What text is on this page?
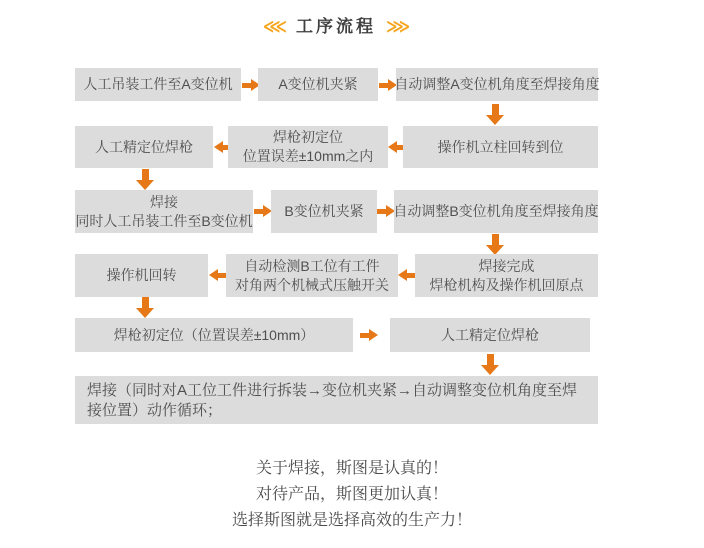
⋘ 工序流程 ⋙
人工吊装工件至A变位机	A变位机夹紧	自动调整A变位机角度至焊接角度
人工精定位焊枪
焊枪初定位
位置误差±10mm之内
操作机立柱回转到位
焊接
同时人工吊装工件至B变位机
B变位机夹紧 自动调整B变位机角度至焊接角度
操作机回转
自动检测B工位有工件
对角两个机械式压触开关
焊接完成
焊枪机构及操作机回原点
焊枪初定位（位置误差±10mm）	人工精定位焊枪
焊接（同时对A工位工件进行拆装→变位机夹紧→自动调整变位机角度至焊接位置）动作循环；
关于焊接，斯图是认真的！
对待产品，斯图更加认真！
选择斯图就是选择高效的生产力！
